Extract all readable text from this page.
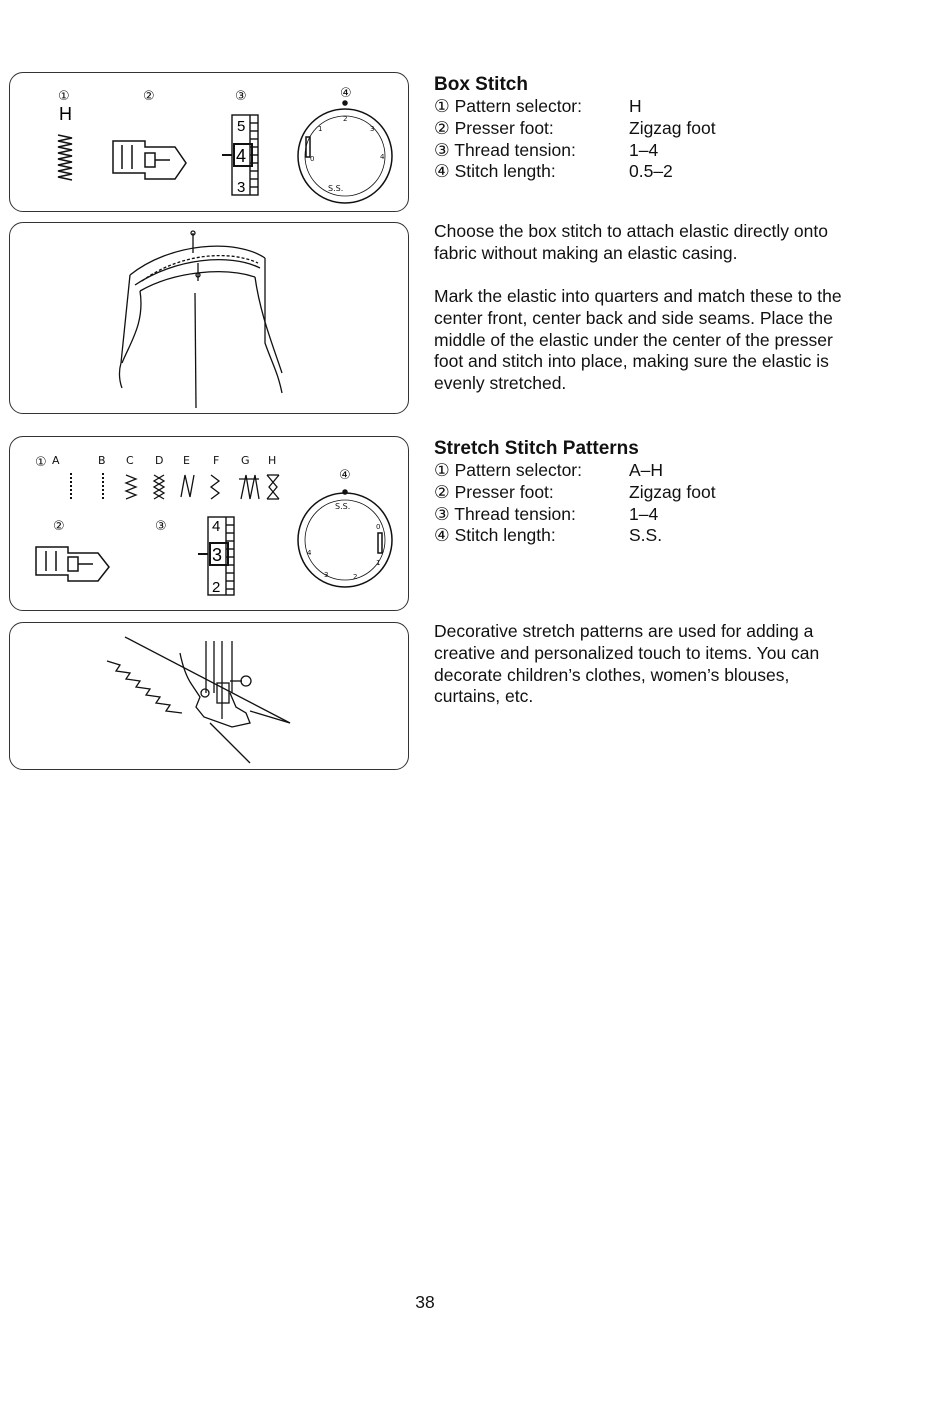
①	②	③	④
H
5
4
3
0
1
2
3
4
S.S.
① A	B C D E F G H
②	③
④
4
3
2
S.S.
0
1
2
3
4
Box Stitch
① Pattern selector:	H
② Presser foot:	Zigzag foot
③ Thread tension:	1–4
④ Stitch length:	0.5–2
Choose the box stitch to attach elastic directly onto fabric without making an elastic casing.
Mark the elastic into quarters and match these to the center front, center back and side seams. Place the middle of the elastic under the center of the presser foot and stitch into place, making sure the elastic is evenly stretched.
Stretch Stitch Patterns
① Pattern selector:	A–H
② Presser foot:	Zigzag foot
③ Thread tension:	1–4
④ Stitch length:	S.S.
Decorative stretch patterns are used for adding a creative and personalized touch to items. You can decorate children’s clothes, women’s blouses, curtains, etc.
38
